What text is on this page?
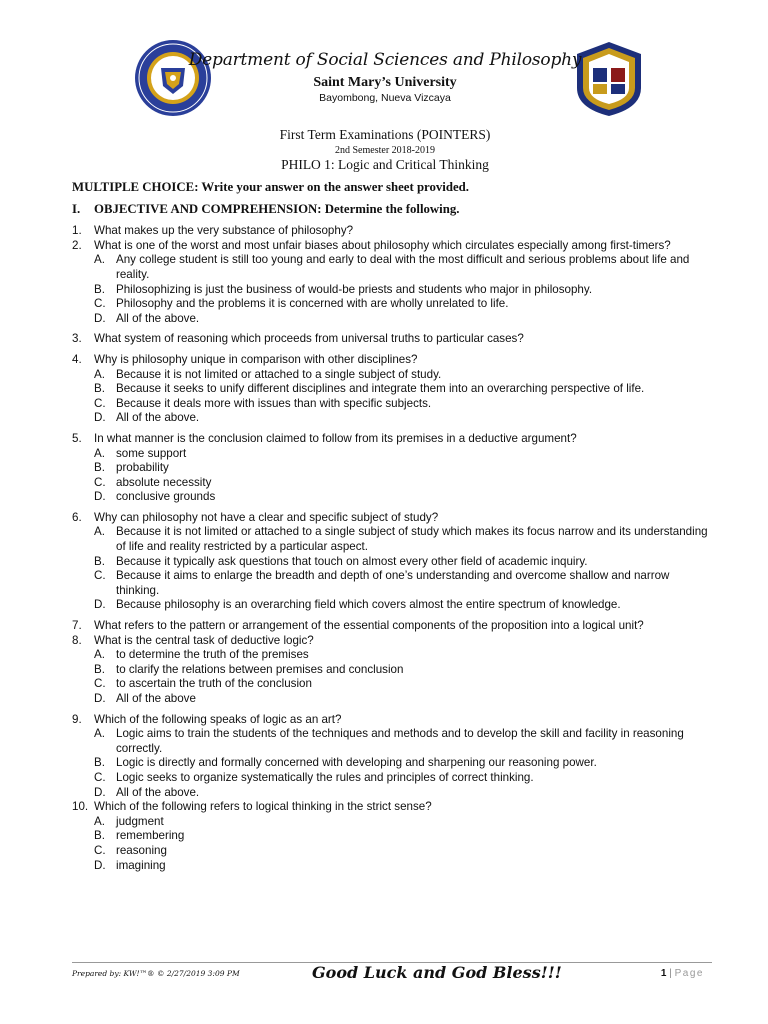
Department of Social Sciences and Philosophy
Saint Mary’s University
Bayombong, Nueva Vizcaya
First Term Examinations (POINTERS)
2nd Semester 2018-2019
PHILO 1: Logic and Critical Thinking
MULTIPLE CHOICE: Write your answer on the answer sheet provided.
I.	OBJECTIVE AND COMPREHENSION: Determine the following.
1.	What makes up the very substance of philosophy?
2.	What is one of the worst and most unfair biases about philosophy which circulates especially among first-timers?
A. Any college student is still too young and early to deal with the most difficult and serious problems about life and reality.
B. Philosophizing is just the business of would-be priests and students who major in philosophy.
C. Philosophy and the problems it is concerned with are wholly unrelated to life.
D. All of the above.
3.	What system of reasoning which proceeds from universal truths to particular cases?
4.	Why is philosophy unique in comparison with other disciplines?
A. Because it is not limited or attached to a single subject of study.
B. Because it seeks to unify different disciplines and integrate them into an overarching perspective of life.
C. Because it deals more with issues than with specific subjects.
D. All of the above.
5.	In what manner is the conclusion claimed to follow from its premises in a deductive argument?
A. some support
B. probability
C. absolute necessity
D. conclusive grounds
6.	Why can philosophy not have a clear and specific subject of study?
A. Because it is not limited or attached to a single subject of study which makes its focus narrow and its understanding of life and reality restricted by a particular aspect.
B. Because it typically ask questions that touch on almost every other field of academic inquiry.
C. Because it aims to enlarge the breadth and depth of one’s understanding and overcome shallow and narrow thinking.
D. Because philosophy is an overarching field which covers almost the entire spectrum of knowledge.
7.	What refers to the pattern or arrangement of the essential components of the proposition into a logical unit?
8.	What is the central task of deductive logic?
A. to determine the truth of the premises
B. to clarify the relations between premises and conclusion
C. to ascertain the truth of the conclusion
D. All of the above
9.	Which of the following speaks of logic as an art?
A. Logic aims to train the students of the techniques and methods and to develop the skill and facility in reasoning correctly.
B. Logic is directly and formally concerned with developing and sharpening our reasoning power.
C. Logic seeks to organize systematically the rules and principles of correct thinking.
D. All of the above.
10. Which of the following refers to logical thinking in the strict sense?
A. judgment
B. remembering
C. reasoning
D. imagining
Prepared by: KW!™® © 2/27/2019 3:09 PM	Good Luck and God Bless!!!	1 | Page
